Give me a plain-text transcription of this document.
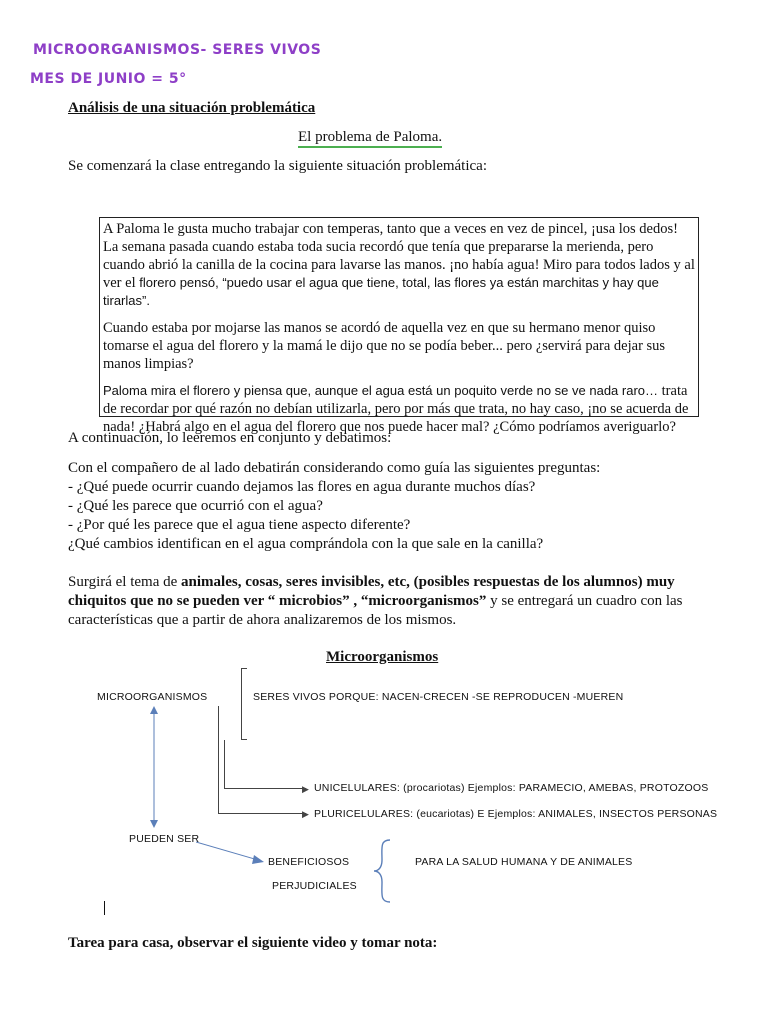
MICROORGANISMOS- SERES VIVOS
MES DE JUNIO = 5°
Análisis de una situación problemática
El problema de Paloma.
Se comenzará la clase entregando la siguiente situación problemática:

A Paloma le gusta mucho trabajar con temperas, tanto que a veces en vez de pincel, ¡usa los dedos! La semana pasada cuando estaba toda sucia recordó que tenía que prepararse la merienda, pero cuando abrió la canilla de la cocina para lavarse las manos. ¡no había agua! Miro para todos lados y al ver el florero pensó, “puedo usar el agua que tiene, total, las flores ya están marchitas y hay que tirarlas”.

Cuando estaba por mojarse las manos se acordó de aquella vez en que su hermano menor quiso tomarse el agua del florero y la mamá le dijo que no se podía beber... pero ¿servirá para dejar sus manos limpias?

Paloma mira el florero y piensa que, aunque el agua está un poquito verde no se ve nada raro… trata de recordar por qué razón no debían utilizarla, pero por más que trata, no hay caso, ¡no se acuerda de nada! ¿Habrá algo en el agua del florero que nos puede hacer mal? ¿Cómo podríamos averiguarlo?

A continuación, lo leeremos en conjunto y debatimos:
Con el compañero de al lado debatirán considerando como guía las siguientes preguntas:
- ¿Qué puede ocurrir cuando dejamos las flores en agua durante muchos días?
- ¿Qué les parece que ocurrió con el agua?
- ¿Por qué les parece que el agua tiene aspecto diferente?
¿Qué cambios identifican en el agua comprándola con la que sale en la canilla?
Surgirá el tema de animales, cosas, seres invisibles, etc, (posibles respuestas de los alumnos) muy chiquitos que no se pueden ver “ microbios” , “microorganismos” y se entregará un cuadro con las características que a partir de ahora analizaremos de los mismos.
Microorganismos
MICROORGANISMOS	SERES VIVOS PORQUE: NACEN-CRECEN -SE REPRODUCEN -MUEREN
▶
▶
UNICELULARES: (procariotas) Ejemplos: PARAMECIO, AMEBAS, PROTOZOOS
PLURICELULARES: (eucariotas) E Ejemplos: ANIMALES, INSECTOS PERSONAS
PUEDEN SER
BENEFICIOSOS
PERJUDICIALES
PARA LA SALUD HUMANA Y DE ANIMALES
Tarea para casa, observar el siguiente video y tomar nota:
